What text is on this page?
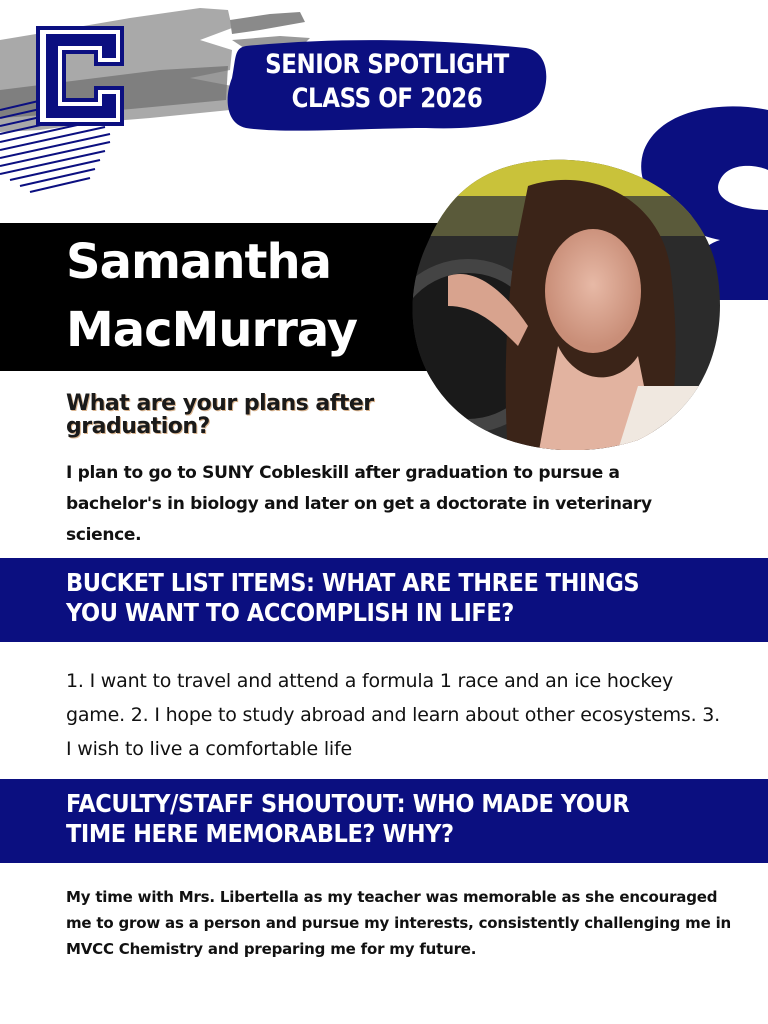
SENIOR SPOTLIGHT
CLASS OF 2026
Samantha
MacMurray
What are your plans after graduation?
I plan to go to SUNY Cobleskill after graduation to pursue a bachelor's in biology and later on get a doctorate in veterinary science.
BUCKET LIST ITEMS: WHAT ARE THREE THINGS YOU WANT TO ACCOMPLISH IN LIFE?
1. I want to travel and attend a formula 1 race and an ice hockey game. 2. I hope to study abroad and learn about other ecosystems. 3. I wish to live a comfortable life
FACULTY/STAFF SHOUTOUT: WHO MADE YOUR TIME HERE MEMORABLE? WHY?
My time with Mrs. Libertella as my teacher was memorable as she encouraged me to grow as a person and pursue my interests, consistently challenging me in MVCC Chemistry and preparing me for my future.
